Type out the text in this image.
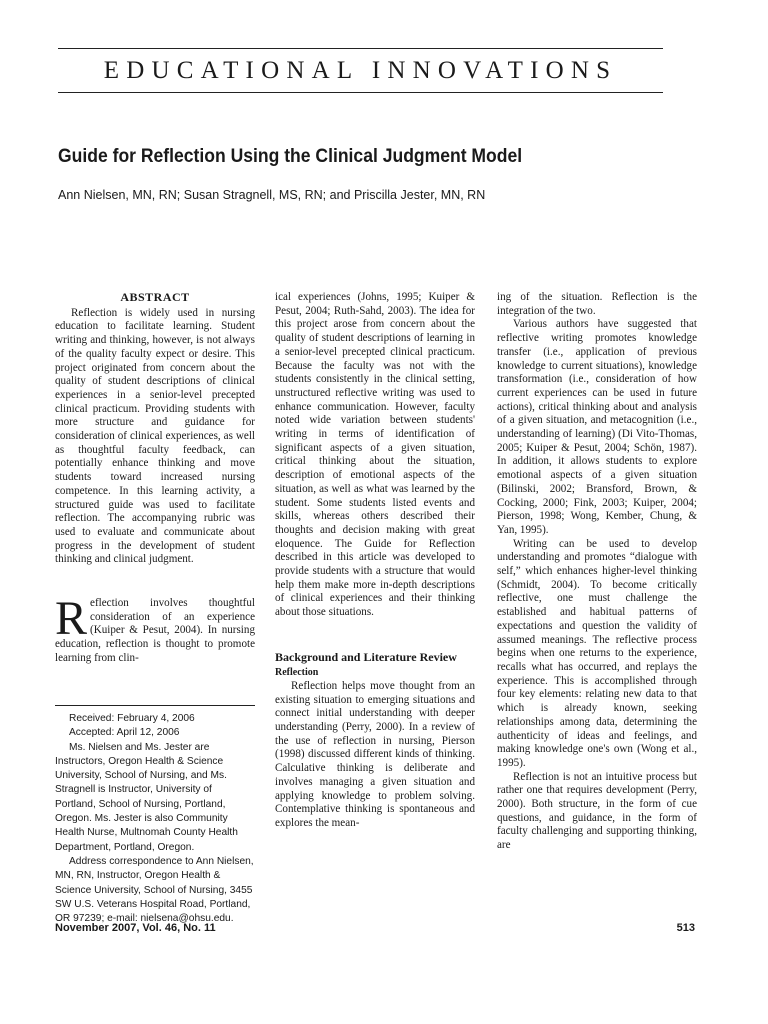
EDUCATIONAL INNOVATIONS
Guide for Reflection Using the Clinical Judgment Model
Ann Nielsen, MN, RN; Susan Stragnell, MS, RN; and Priscilla Jester, MN, RN
ABSTRACT

Reflection is widely used in nursing education to facilitate learning. Student writing and thinking, however, is not always of the quality faculty expect or desire. This project originated from concern about the quality of student descriptions of clinical experiences in a senior-level precepted clinical practicum. Providing students with more structure and guidance for consideration of clinical experiences, as well as thoughtful faculty feedback, can potentially enhance thinking and move students toward increased nursing competence. In this learning activity, a structured guide was used to facilitate reflection. The accompanying rubric was used to evaluate and communicate about progress in the development of student thinking and clinical judgment.

Reflection involves thoughtful consideration of an experience (Kuiper & Pesut, 2004). In nursing education, reflection is thought to promote learning from clin-

Received: February 4, 2006

Accepted: April 12, 2006

Ms. Nielsen and Ms. Jester are Instructors, Oregon Health & Science University, School of Nursing, and Ms. Stragnell is Instructor, University of Portland, School of Nursing, Portland, Oregon. Ms. Jester is also Community Health Nurse, Multnomah County Health Department, Portland, Oregon.

Address correspondence to Ann Nielsen, MN, RN, Instructor, Oregon Health & Science University, School of Nursing, 3455 SW U.S. Veterans Hospital Road, Portland, OR 97239; e-mail: nielsena@ohsu.edu.

ical experiences (Johns, 1995; Kuiper & Pesut, 2004; Ruth-Sahd, 2003). The idea for this project arose from concern about the quality of student descriptions of learning in a senior-level precepted clinical practicum. Because the faculty was not with the students consistently in the clinical setting, unstructured reflective writing was used to enhance communication. However, faculty noted wide variation between students' writing in terms of identification of significant aspects of a given situation, critical thinking about the situation, description of emotional aspects of the situation, as well as what was learned by the student. Some students listed events and skills, whereas others described their thoughts and decision making with great eloquence. The Guide for Reflection described in this article was developed to provide students with a structure that would help them make more in-depth descriptions of clinical experiences and their thinking about those situations.

Background and Literature Review
Reflection

Reflection helps move thought from an existing situation to emerging situations and connect initial understanding with deeper understanding (Perry, 2000). In a review of the use of reflection in nursing, Pierson (1998) discussed different kinds of thinking. Calculative thinking is deliberate and involves managing a given situation and applying knowledge to problem solving. Contemplative thinking is spontaneous and explores the mean-

ing of the situation. Reflection is the integration of the two.

Various authors have suggested that reflective writing promotes knowledge transfer (i.e., application of previous knowledge to current situations), knowledge transformation (i.e., consideration of how current experiences can be used in future actions), critical thinking about and analysis of a given situation, and metacognition (i.e., understanding of learning) (Di Vito-Thomas, 2005; Kuiper & Pesut, 2004; Schön, 1987). In addition, it allows students to explore emotional aspects of a given situation (Bilinski, 2002; Bransford, Brown, & Cocking, 2000; Fink, 2003; Kuiper, 2004; Pierson, 1998; Wong, Kember, Chung, & Yan, 1995).

Writing can be used to develop understanding and promotes “dialogue with self,” which enhances higher-level thinking (Schmidt, 2004). To become critically reflective, one must challenge the established and habitual patterns of expectations and question the validity of assumed meanings. The reflective process begins when one returns to the experience, recalls what has occurred, and replays the experience. This is accomplished through four key elements: relating new data to that which is already known, seeking relationships among data, determining the authenticity of ideas and feelings, and making knowledge one's own (Wong et al., 1995).

Reflection is not an intuitive process but rather one that requires development (Perry, 2000). Both structure, in the form of cue questions, and guidance, in the form of faculty challenging and supporting thinking, are

November 2007, Vol. 46, No. 11	513
